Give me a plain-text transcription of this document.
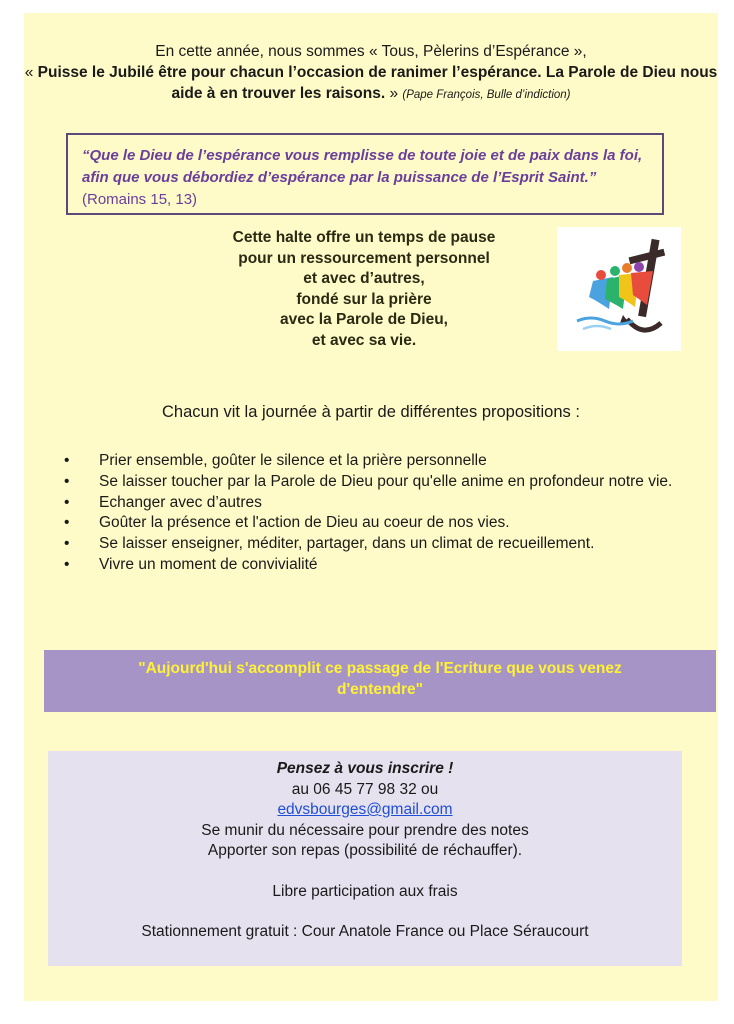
En cette année, nous sommes « Tous, Pèlerins d’Espérance »,
« Puisse le Jubilé être pour chacun l’occasion de ranimer l’espérance. La Parole de Dieu nous aide à en trouver les raisons. » (Pape François, Bulle d’indiction)
“Que le Dieu de l’espérance vous remplisse de toute joie et de paix dans la foi, afin que vous débordiez d’espérance par la puissance de l’Esprit Saint.” (Romains 15, 13)
Cette halte offre un temps de pause
pour un ressourcement personnel
et avec d’autres,
fondé sur la prière
avec la Parole de Dieu,
et avec sa vie.
Chacun vit la journée à partir de différentes propositions :
• Prier ensemble, goûter le silence et la prière personnelle
• Se laisser toucher par la Parole de Dieu pour qu'elle anime en profondeur notre vie.
• Echanger avec d’autres
• Goûter la présence et l'action de Dieu au coeur de nos vies.
• Se laisser enseigner, méditer, partager, dans un climat de recueillement.
• Vivre un moment de convivialité
"Aujourd'hui s'accomplit ce passage de l'Ecriture que vous venez
d'entendre"
Pensez à vous inscrire !
au 06 45 77 98 32 ou
edvsbourges@gmail.com
Se munir du nécessaire pour prendre des notes
Apporter son repas (possibilité de réchauffer).
Libre participation aux frais
Stationnement gratuit : Cour Anatole France ou Place Séraucourt
